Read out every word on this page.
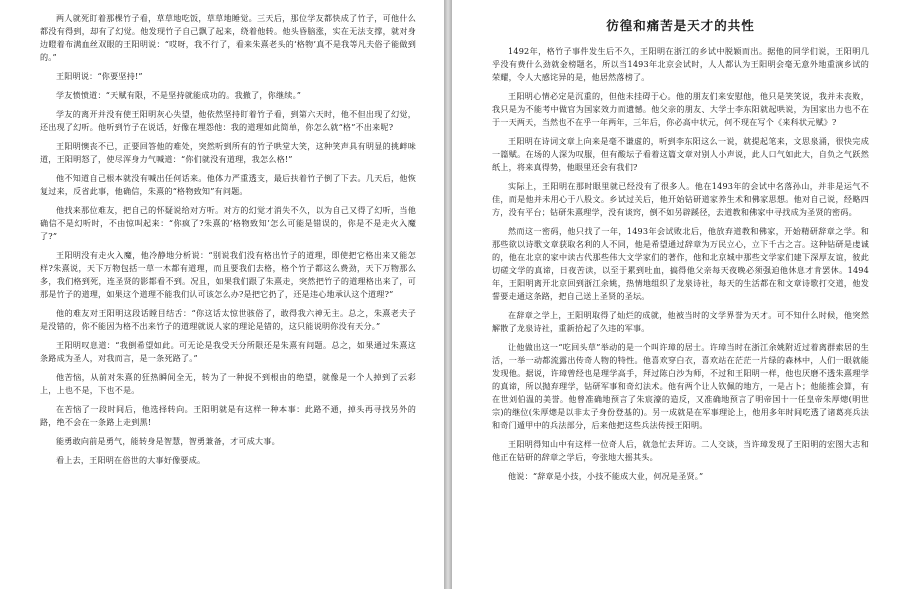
两人就死盯着那棵竹子看，草草地吃饭，草草地睡觉。三天后，那位学友都快成了竹子，可他什么都没有得到，却有了幻觉。他发现竹子自己飘了起来，绕着他转。他头昏脑涨，实在无法支撑，就对身边瞪着布满血丝双眼的王阳明说：“哎呀，我不行了，看来朱熹老头的‘格物’真不是我等凡夫俗子能做到的。”

王阳明说：“你要坚持!”

学友愤愤道：“天赋有限，不是坚持就能成功的。我撤了，你继续。”

学友的离开并没有使王阳明灰心失望，他依然坚持盯着竹子看，到第六天时，他不但出现了幻觉，还出现了幻听。他听到竹子在说话，好像在埋怨他：我的道理如此简单，你怎么就“格”不出来呢?

王阳明懊丧不已，正要回答他的难处，突然听到所有的竹子哄堂大笑，这种笑声具有明显的挑衅味道，王阳明怒了，使尽浑身力气喊道：“你们就没有道理，我怎么格!”

他不知道自己根本就没有喊出任何话来。他体力严重透支，最后扶着竹子倒了下去。几天后，他恢复过来，反省此事，他确信，朱熹的“格物致知”有问题。

他找来那位难友，把自己的怀疑说给对方听。对方的幻觉才消失不久，以为自己又得了幻听，当他确信不是幻听时，不由惊叫起来：“你疯了?朱熹的‘格物致知’怎么可能是错误的，你是不是走火入魔了?”

王阳明没有走火入魔，他冷静地分析说：“别说我们没有格出竹子的道理，即使把它格出来又能怎样?朱熹说，天下万物包括一草一木都有道理，而且要我们去格，格个竹子都这么费劲，天下万物那么多，我们格到死，连圣贤的影都看不到。况且，如果我们跟了朱熹走，突然把竹子的道理格出来了，可那是竹子的道理，如果这个道理不能我们认可该怎么办?是把它扔了，还是违心地承认这个道理?”

他的难友对王阳明这段话瞠目结舌：“你这话太惊世骇俗了，敢得我六神无主。总之，朱熹老夫子是没错的，你不能因为格不出来竹子的道理就说人家的理论是错的，这只能说明你没有天分。”

王阳明叹息道：“我倒希望如此。可无论是我受天分所限还是朱熹有问题。总之，如果通过朱熹这条路成为圣人，对我而言，是一条死路了。”

他苦恼，从前对朱熹的狂热瞬间全无，转为了一种捉不到根由的绝望，就像是一个人掉到了云彩上，上也不是，下也不是。

在苦恼了一段时间后，他选择转向。王阳明就是有这样一种本事：此路不通，掉头再寻找另外的路，绝不会在一条路上走到黑!

能勇敢向前是勇气，能转身是智慧，智勇兼备，才可成大事。

看上去，王阳明在俗世的大事好像要成。

彷徨和痛苦是天才的共性

1492年，格竹子事件发生后不久，王阳明在浙江的乡试中脱颖而出。据他的同学们说，王阳明几乎没有费什么劲就金榜题名，所以当1493年北京会试时，人人都认为王阳明会毫无意外地重演乡试的荣耀，令人大感诧异的是，他居然落榜了。

王阳明心情必定是沉重的，但他未挂碍于心。他的朋友们来安慰他，他只是笑笑说，我并未丧败，我只是为不能考中做官为国家效力而遗憾。他父亲的朋友、大学士李东阳就起哄说，为国家出力也不在于一天两天，当然也不在乎一年两年，三年后，你必高中状元，何不现在写个《来科状元赋》?

王阳明在诗词文章上向来是毫不谦虚的，听到李东阳这么一说，就提起笔来，文思泉涌，很快完成一篇赋。在场的人深为叹服，但有酸坛子看着这篇文章对别人小声说，此人口气如此大，自负之气跃然纸上，将来真得势，他眼里还会有我们?

实际上，王阳明在那时眼里就已经没有了很多人。他在1493年的会试中名落孙山，并非是运气不佳，而是他并未用心于八股文。乡试过关后，他开始钻研道家养生术和佛家思想。他对自己说，经略四方，没有平台；钻研朱熹理学，没有谈窍，倒不如另辟蹊径，去道教和佛家中寻找成为圣贤的密码。

然而这一密码，他只找了一年，1493年会试败北后，他放弃道教和佛家，开始精研辞章之学。和那些欲以诗歌文章获取名利的人不同，他是希望通过辞章为万民立心，立下千古之言。这种钻研是虔诚的，他在北京的家中读古代那些伟大文学家们的著作，他和北京城中那些文学家们建下深厚友谊，彼此切磋文学的真谛，日夜苦读，以至于累到吐血，搞得他父亲每天夜晚必须强迫他休息才肯罢休。1494年，王阳明离开北京回到浙江余姚，热情地组织了龙泉诗社，每天的生活都在和文章诗歌打交道，他发誓要走通这条路，把自己送上圣贤的圣坛。

在辞章之学上，王阳明取得了灿烂的成就，他被当时的文学界誉为天才。可不知什么时候，他突然解散了龙泉诗社，重新拾起了久违的军事。

让他做出这一“吃回头草”举动的是一个叫许璋的居士。许璋当时在浙江余姚附近过着离群索居的生活，一举一动都流露出传奇人物的特性。他喜欢穿白衣，喜欢站在茫茫一片绿的森林中，人们一眼就能发现他。据说，许璋曾经也是理学高手，拜过陈白沙为师，不过和王阳明一样，他也厌磨不透朱熹理学的真谛，所以抛弃理学，钻研军事和奇幻法术。他有两个让人钦佩的地方，一是占卜；他能推会算，有在世刘伯温的美誉。他曾准确地预言了朱宸濠的造反，又准确地预言了明帝国十一任皇帝朱厚熜(明世宗)的继位(朱厚熜是以非太子身份登基的)。另一成就是在军事理论上，他用多年时间吃透了诸葛亮兵法和奇门遁甲中的兵法部分，后来他把这些兵法传授王阳明。

王阳明得知山中有这样一位奇人后，就急忙去拜访。二人交谈，当许璋发现了王阳明的宏图大志和他正在钻研的辞章之学后，夸张地大摇其头。

他说：“辞章是小技，小技不能成大业，何况是圣贤。”
